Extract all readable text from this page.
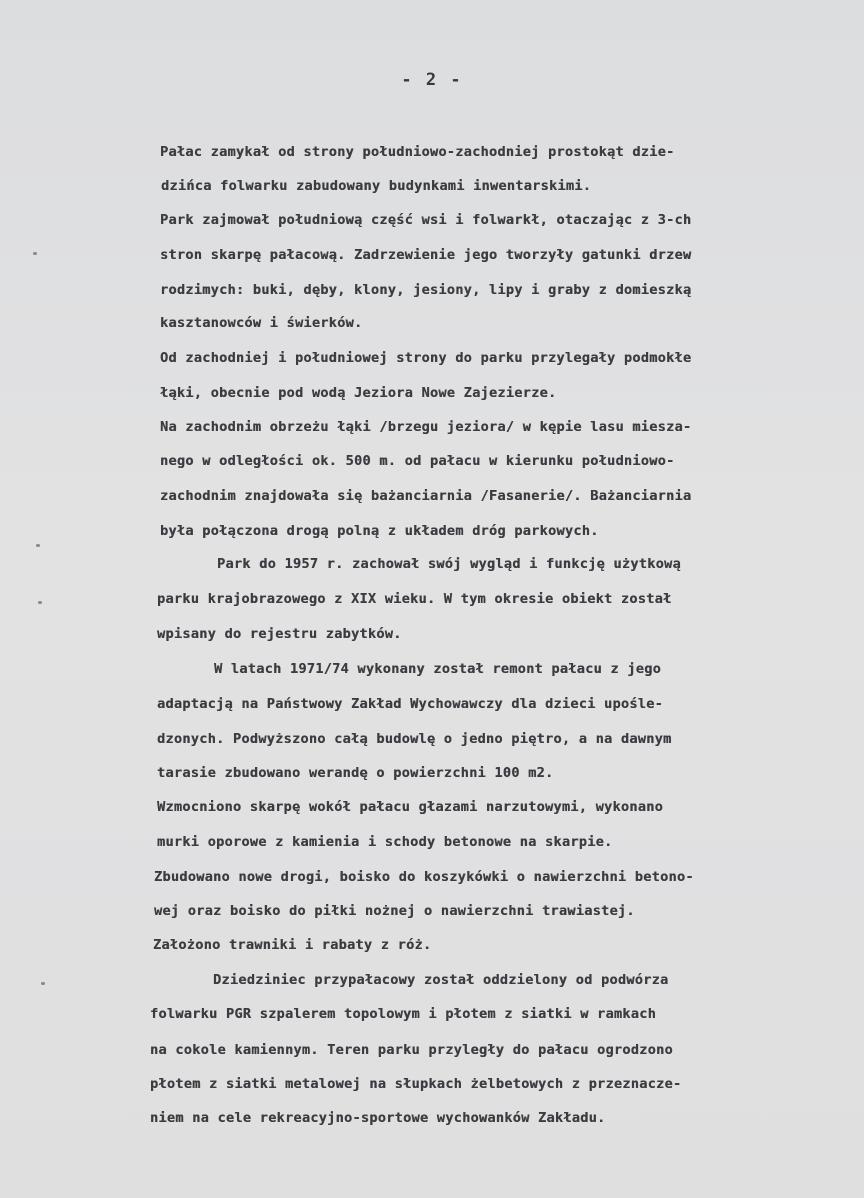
- 2 -
Pałac zamykał od strony południowo-zachodniej prostokąt dzie-
dzińca folwarku zabudowany budynkami inwentarskimi.
Park zajmował południową część wsi i folwarkł, otaczając z 3-ch
stron skarpę pałacową. Zadrzewienie jego tworzyły gatunki drzew
rodzimych: buki, dęby, klony, jesiony, lipy i graby z domieszką
kasztanowców i świerków.
Od zachodniej i południowej strony do parku przylegały podmokłe
łąki, obecnie pod wodą Jeziora Nowe Zajezierze.
Na zachodnim obrzeżu łąki /brzegu jeziora/ w kępie lasu miesza-
nego w odległości ok. 500 m. od pałacu w kierunku południowo-
zachodnim znajdowała się bażanciarnia /Fasanerie/. Bażanciarnia
była połączona drogą polną z układem dróg parkowych.
Park do 1957 r. zachował swój wygląd i funkcję użytkową
parku krajobrazowego z XIX wieku. W tym okresie obiekt został
wpisany do rejestru zabytków.
W latach 1971/74 wykonany został remont pałacu z jego
adaptacją na Państwowy Zakład Wychowawczy dla dzieci upośle-
dzonych. Podwyższono całą budowlę o jedno piętro, a na dawnym
tarasie zbudowano werandę o powierzchni 100 m2.
Wzmocniono skarpę wokół pałacu głazami narzutowymi, wykonano
murki oporowe z kamienia i schody betonowe na skarpie.
Zbudowano nowe drogi, boisko do koszykówki o nawierzchni betono-
wej oraz boisko do piłki nożnej o nawierzchni trawiastej.
Założono trawniki i rabaty z róż.
Dziedziniec przypałacowy został oddzielony od podwórza
folwarku PGR szpalerem topolowym i płotem z siatki w ramkach
na cokole kamiennym. Teren parku przyległy do pałacu ogrodzono
płotem z siatki metalowej na słupkach żelbetowych z przeznacze-
niem na cele rekreacyjno-sportowe wychowanków Zakładu.
